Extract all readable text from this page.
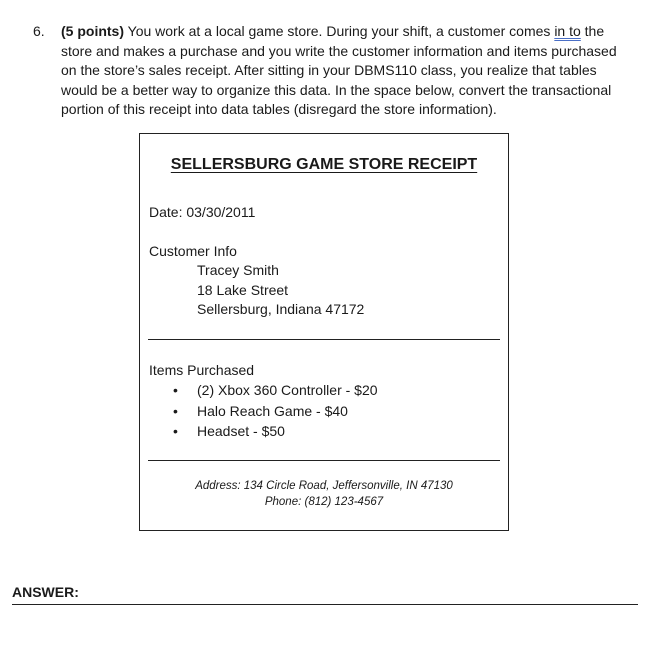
6. (5 points) You work at a local game store. During your shift, a customer comes in to the store and makes a purchase and you write the customer information and items purchased on the store’s sales receipt. After sitting in your DBMS110 class, you realize that tables would be a better way to organize this data. In the space below, convert the transactional portion of this receipt into data tables (disregard the store information).
SELLERSBURG GAME STORE RECEIPT
Date: 03/30/2011
Customer Info
Tracey Smith
18 Lake Street
Sellersburg, Indiana 47172
Items Purchased
• (2) Xbox 360 Controller - $20
• Halo Reach Game - $40
• Headset - $50
Address: 134 Circle Road, Jeffersonville, IN 47130
Phone: (812) 123-4567
ANSWER:
